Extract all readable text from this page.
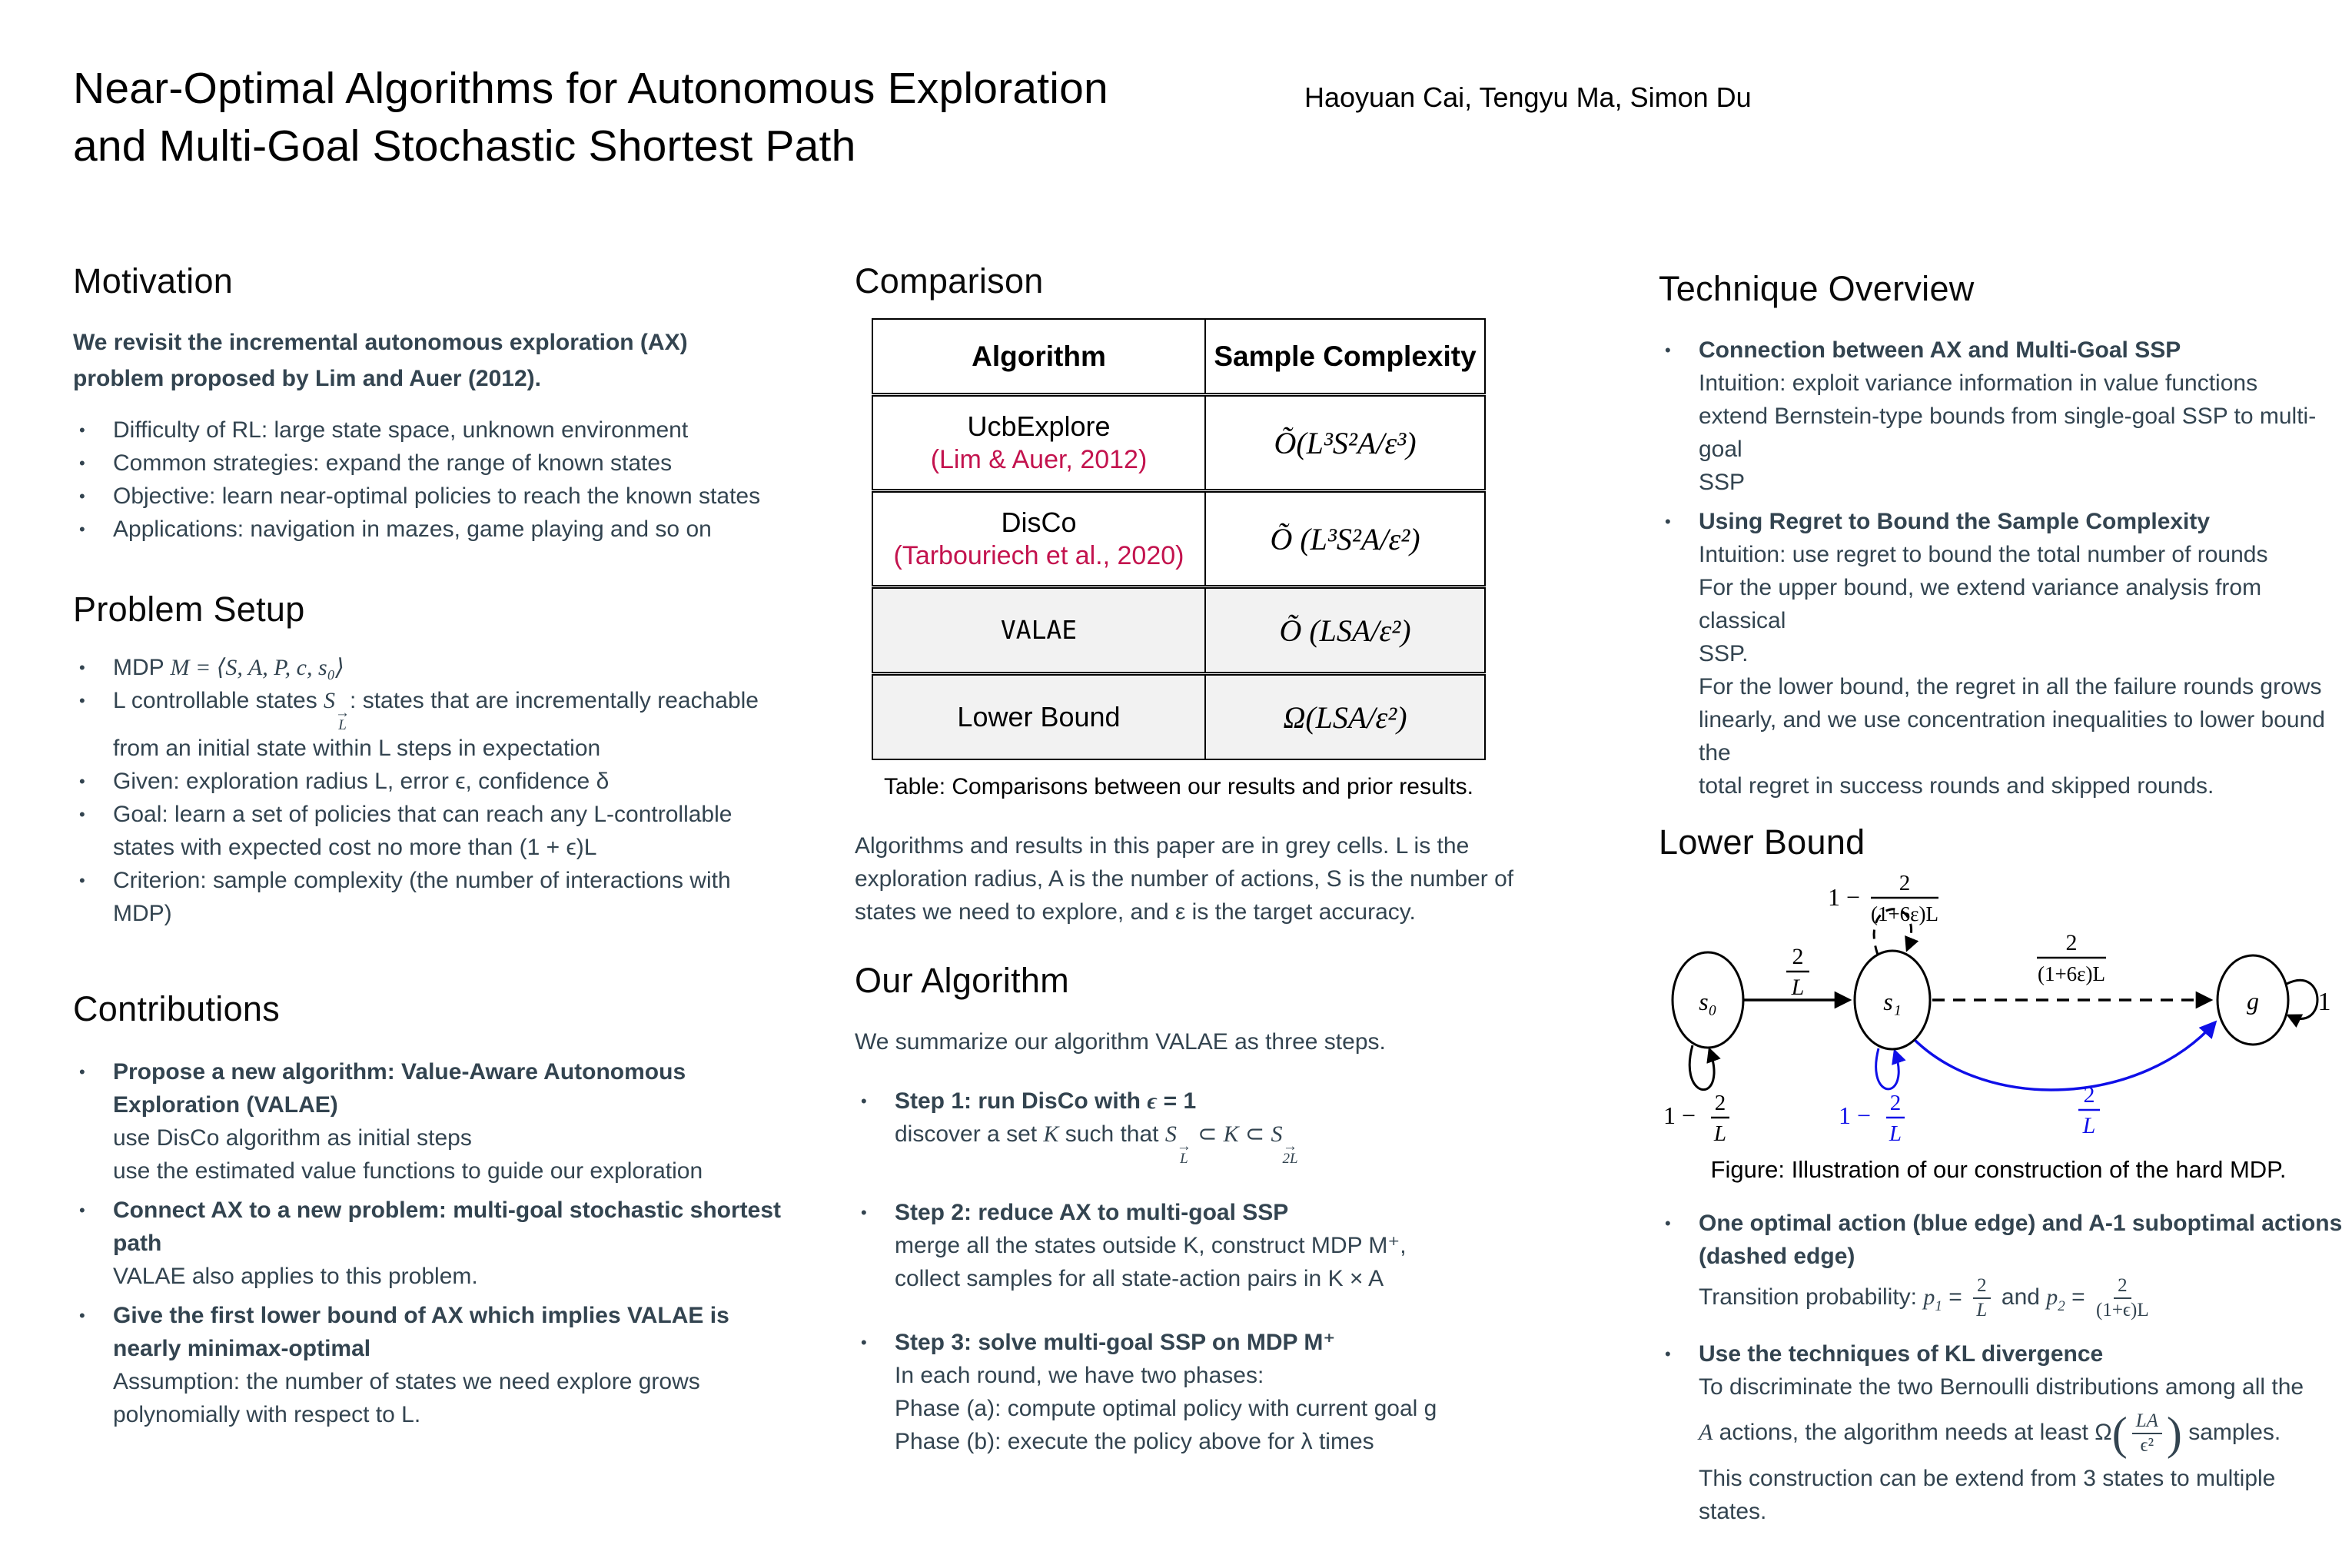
Near-Optimal Algorithms for Autonomous Exploration
and Multi-Goal Stochastic Shortest Path
Haoyuan Cai, Tengyu Ma, Simon Du
Motivation
We revisit the incremental autonomous exploration (AX)
problem proposed by Lim and Auer (2012).
•	Difficulty of RL: large state space, unknown environment
•	Common strategies: expand the range of known states
•	Objective: learn near-optimal policies to reach the known states
•	Applications: navigation in mazes, game playing and so on
Problem Setup
•	MDP M = ⟨S, A, P, c, s₀⟩
•	L controllable states S →
L
: states that are incrementally reachable
from an initial state within L steps in expectation
•	Given: exploration radius L, error ϵ, confidence δ
•	Goal: learn a set of policies that can reach any L-controllable
states with expected cost no more than (1 + ϵ)L
•	Criterion: sample complexity (the number of interactions with
MDP)
Contributions
•	Propose a new algorithm: Value-Aware Autonomous
Exploration (VALAE)
use DisCo algorithm as initial steps
use the estimated value functions to guide our exploration
•	Connect AX to a new problem: multi-goal stochastic shortest
path
VALAE also applies to this problem.
•	Give the first lower bound of AX which implies VALAE is
nearly minimax-optimal
Assumption: the number of states we need explore grows
polynomially with respect to L.
Comparison
Algorithm	Sample Complexity

UcbExplore
(Lim & Auer, 2012)	Õ(L³S²A/ε³)

DisCo
(Tarbouriech et al., 2020)	Õ (L³S²A/ε²)

VALAE	Õ (LSA/ε²)

Lower Bound	Ω(LSA/ε²)
Table: Comparisons between our results and prior results.
Algorithms and results in this paper are in grey cells. L is the
exploration radius, A is the number of actions, S is the number of
states we need to explore, and ε is the target accuracy.
Our Algorithm
We summarize our algorithm VALAE as three steps.
•	Step 1: run DisCo with ϵ = 1
discover a set K such that S →
L
⊂ K ⊂ S →
2L
•	Step 2: reduce AX to multi-goal SSP
merge all the states outside K, construct MDP M⁺,
collect samples for all state-action pairs in K × A
•	Step 3: solve multi-goal SSP on MDP M⁺
In each round, we have two phases:
Phase (a): compute optimal policy with current goal g
Phase (b): execute the policy above for λ times
Technique Overview
•	Connection between AX and Multi-Goal SSP
Intuition: exploit variance information in value functions
extend Bernstein-type bounds from single-goal SSP to multi-goal
SSP
•	Using Regret to Bound the Sample Complexity
Intuition: use regret to bound the total number of rounds
For the upper bound, we extend variance analysis from classical
SSP.
For the lower bound, the regret in all the failure rounds grows
linearly, and we use concentration inequalities to lower bound the
total regret in success rounds and skipped rounds.
Lower Bound
s₀	s₁	g
2
L
1 − 2
(1+6ε)L
2
(1+6ε)L
2
L
1 − 2
L
1 − 2
L
1
Figure: Illustration of our construction of the hard MDP.
•	One optimal action (blue edge) and A-1 suboptimal actions
(dashed edge)
Transition probability: $p_1 = \frac{2}{L}$ and $p_2 = \frac{2}{(1+\epsilon)L}$
•	Use the techniques of KL divergence
To discriminate the two Bernoulli distributions among all the
A actions, the algorithm needs at least $\Omega( \frac{LA}{\text{ϵ²}}$ ) samples.
This construction can be extend from 3 states to multiple states.
